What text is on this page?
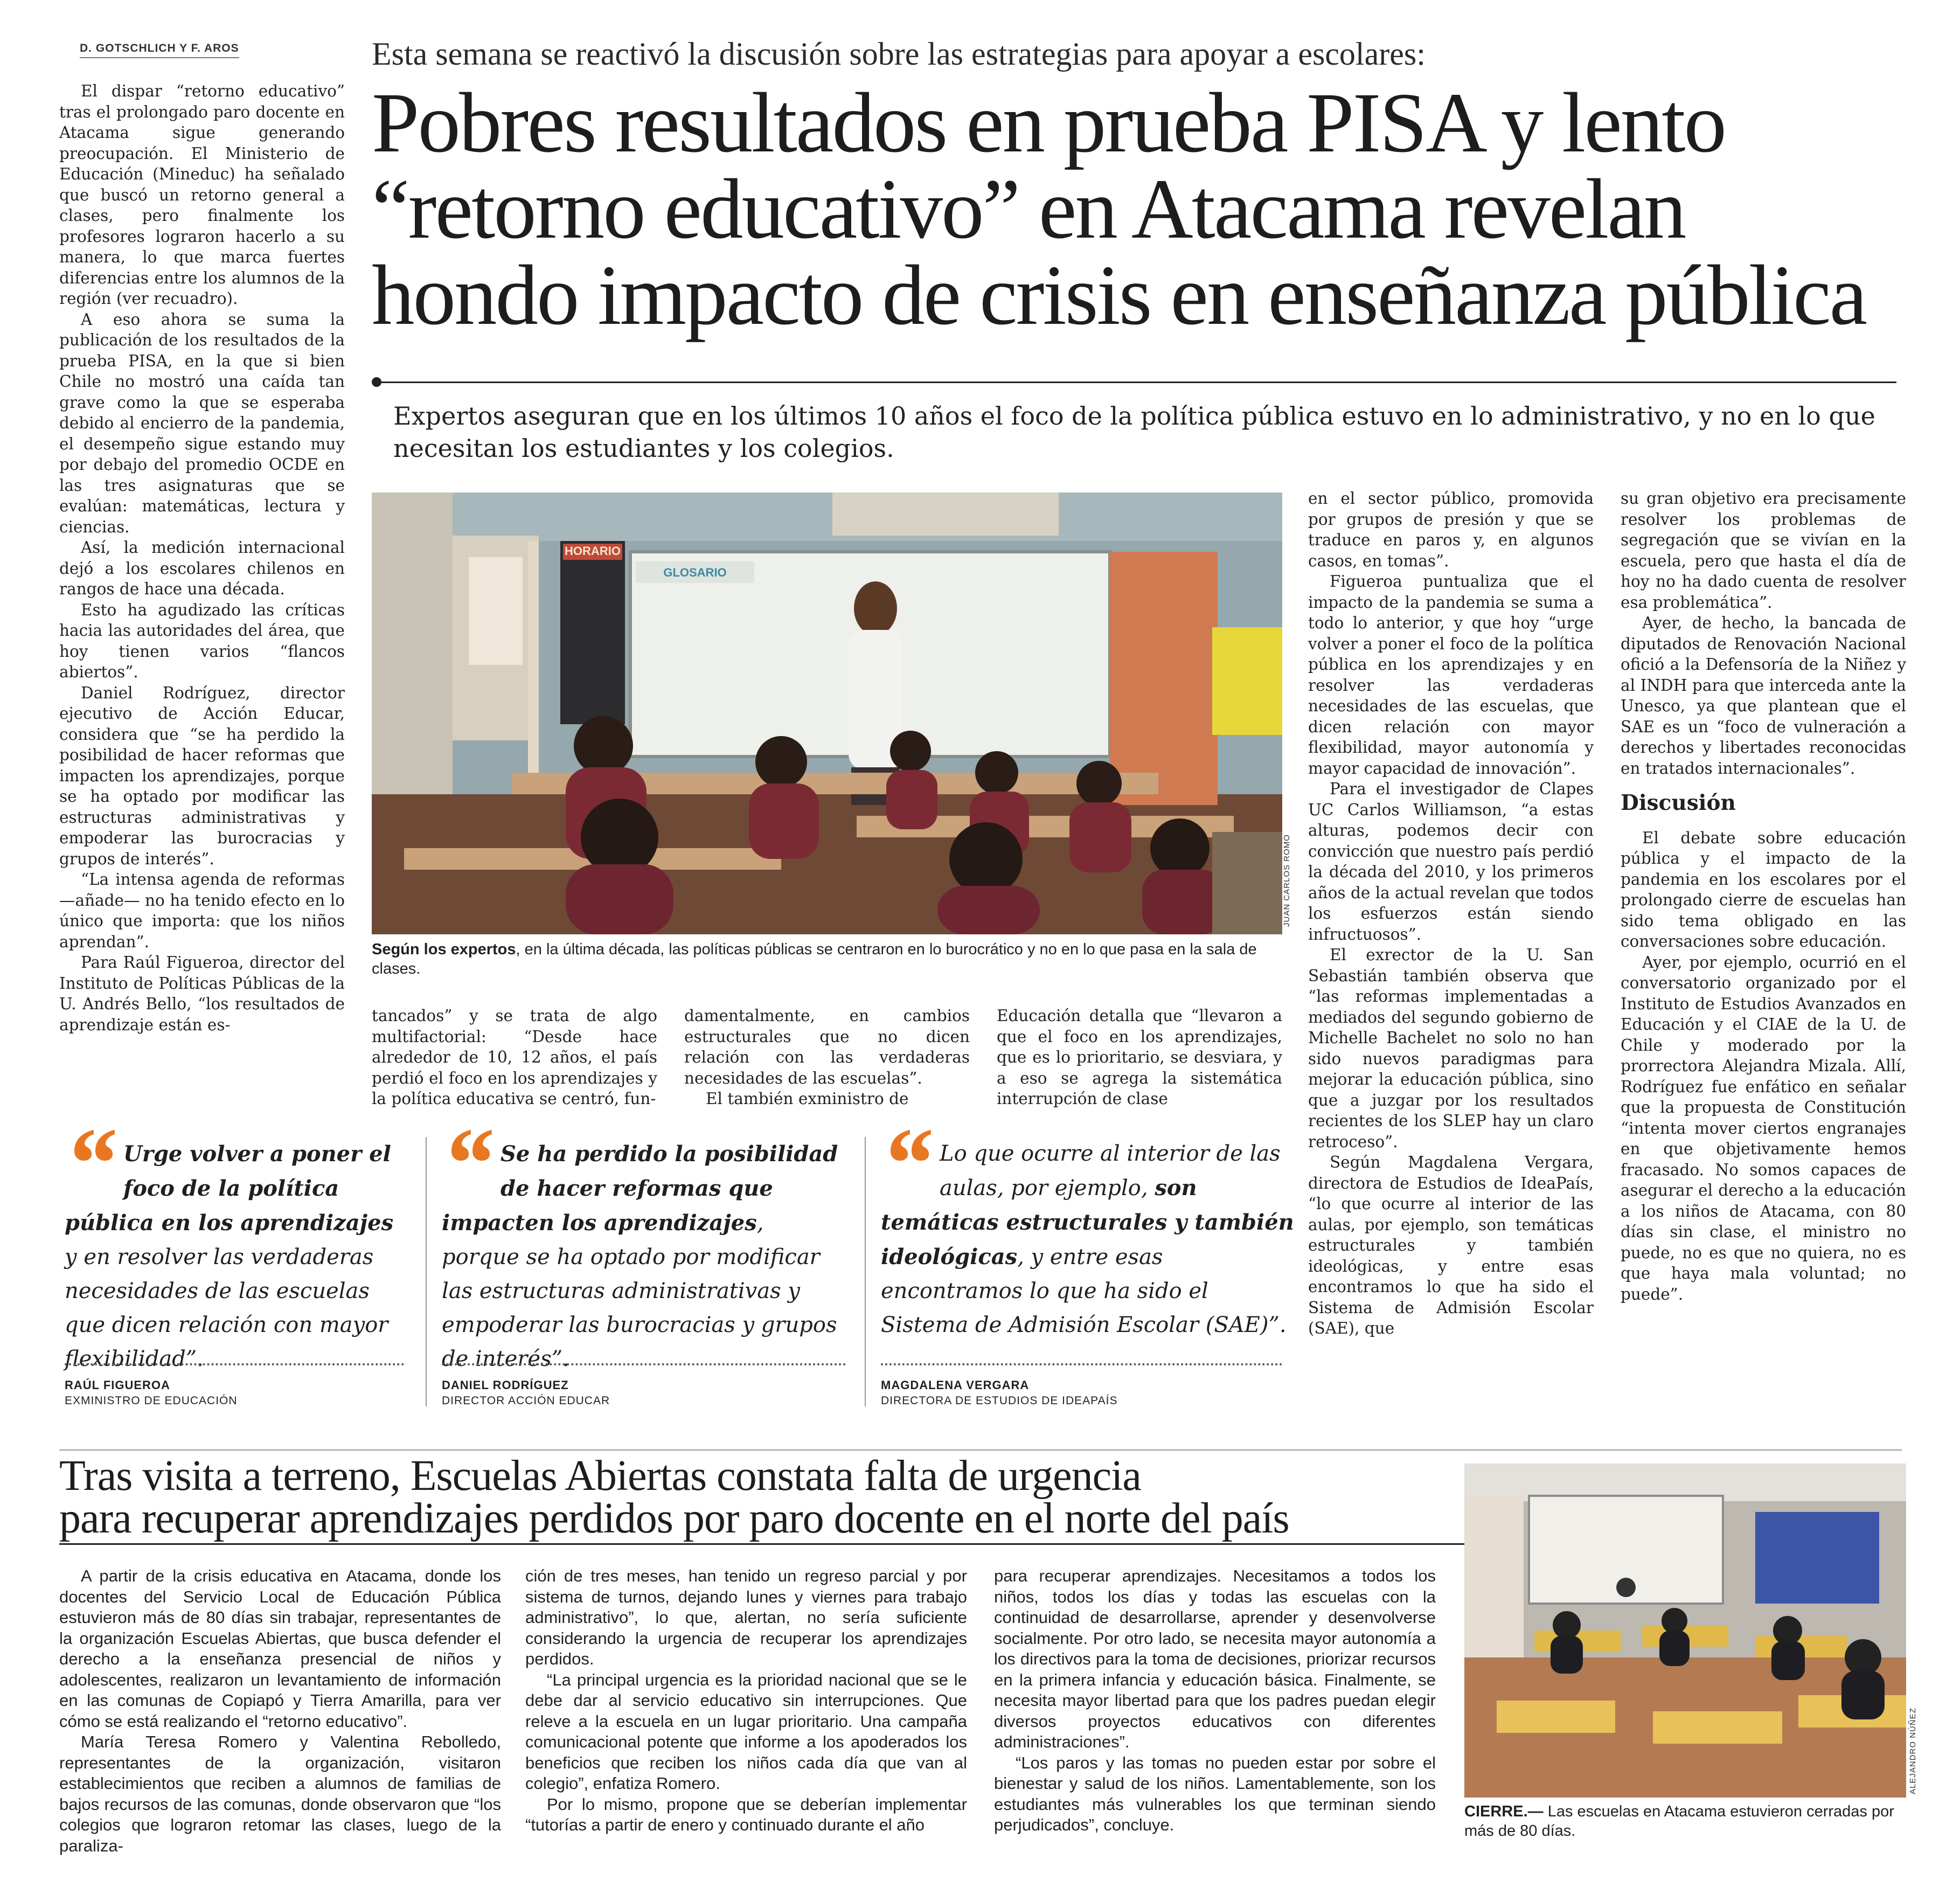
D. GOTSCHLICH Y F. AROS

El dispar “retorno educativo” tras el prolongado paro docente en Atacama sigue generando preocupación. El Ministerio de Educación (Mineduc) ha señalado que buscó un retorno general a clases, pero finalmente los profesores lograron hacerlo a su manera, lo que marca fuertes diferencias entre los alumnos de la región (ver recuadro).

A eso ahora se suma la publicación de los resultados de la prueba PISA, en la que si bien Chile no mostró una caída tan grave como la que se esperaba debido al encierro de la pandemia, el desempeño sigue estando muy por debajo del promedio OCDE en las tres asignaturas que se evalúan: matemáticas, lectura y ciencias.

Así, la medición internacional dejó a los escolares chilenos en rangos de hace una década.

Esto ha agudizado las críticas hacia las autoridades del área, que hoy tienen varios “flancos abiertos”.

Daniel Rodríguez, director ejecutivo de Acción Educar, considera que “se ha perdido la posibilidad de hacer reformas que impacten los aprendizajes, porque se ha optado por modificar las estructuras administrativas y empoderar las burocracias y grupos de interés”.

“La intensa agenda de reformas —añade— no ha tenido efecto en lo único que importa: que los niños aprendan”.

Para Raúl Figueroa, director del Instituto de Políticas Públicas de la U. Andrés Bello, “los resultados de aprendizaje están es-

Esta semana se reactivó la discusión sobre las estrategias para apoyar a escolares:
Pobres resultados en prueba PISA y lento
“retorno educativo” en Atacama revelan
hondo impacto de crisis en enseñanza pública
Expertos aseguran que en los últimos 10 años el foco de la política pública estuvo en lo administrativo, y no en lo que necesitan los estudiantes y los colegios.
HORARIO
GLOSARIO
JUAN CARLOS ROMO
Según los expertos, en la última década, las políticas públicas se centraron en lo burocrático y no en lo que pasa en la sala de clases.

tancados” y se trata de algo multifactorial: “Desde hace alrededor de 10, 12 años, el país perdió el foco en los aprendizajes y la política educativa se centró, fun-

damentalmente, en cambios estructurales que no dicen relación con las verdaderas necesidades de las escuelas”.

El también exministro de

Educación detalla que “llevaron a que el foco en los aprendizajes, que es lo prioritario, se desviara, y a eso se agrega la sistemática interrupción de clase

“ Urge volver a poner el foco de la política pública en los aprendizajes y en resolver las verdaderas necesidades de las escuelas que dicen relación con mayor flexibilidad”.
RAÚL FIGUEROA
EXMINISTRO DE EDUCACIÓN
“ Se ha perdido la posibilidad de hacer reformas que impacten los aprendizajes, porque se ha optado por modificar las estructuras administrativas y empoderar las burocracias y grupos de interés”.
DANIEL RODRÍGUEZ
DIRECTOR ACCIÓN EDUCAR
“ Lo que ocurre al interior de las aulas, por ejemplo, son temáticas estructurales y también ideológicas, y entre esas encontramos lo que ha sido el Sistema de Admisión Escolar (SAE)”.
MAGDALENA VERGARA
DIRECTORA DE ESTUDIOS DE IDEAPAÍS

en el sector público, promovida por grupos de presión y que se traduce en paros y, en algunos casos, en tomas”.

Figueroa puntualiza que el impacto de la pandemia se suma a todo lo anterior, y que hoy “urge volver a poner el foco de la política pública en los aprendizajes y en resolver las verdaderas necesidades de las escuelas, que dicen relación con mayor flexibilidad, mayor autonomía y mayor capacidad de innovación”.

Para el investigador de Clapes UC Carlos Williamson, “a estas alturas, podemos decir con convicción que nuestro país perdió la década del 2010, y los primeros años de la actual revelan que todos los esfuerzos están siendo infructuosos”.

El exrector de la U. San Sebastián también observa que “las reformas implementadas a mediados del segundo gobierno de Michelle Bachelet no solo no han sido nuevos paradigmas para mejorar la educación pública, sino que a juzgar por los resultados recientes de los SLEP hay un claro retroceso”.

Según Magdalena Vergara, directora de Estudios de IdeaPaís, “lo que ocurre al interior de las aulas, por ejemplo, son temáticas estructurales y también ideológicas, y entre esas encontramos lo que ha sido el Sistema de Admisión Escolar (SAE), que

su gran objetivo era precisamente resolver los problemas de segregación que se vivían en la escuela, pero que hasta el día de hoy no ha dado cuenta de resolver esa problemática”.

Ayer, de hecho, la bancada de diputados de Renovación Nacional ofició a la Defensoría de la Niñez y al INDH para que interceda ante la Unesco, ya que plantean que el SAE es un “foco de vulneración a derechos y libertades reconocidas en tratados internacionales”.

Discusión

El debate sobre educación pública y el impacto de la pandemia en los escolares por el prolongado cierre de escuelas han sido tema obligado en las conversaciones sobre educación.

Ayer, por ejemplo, ocurrió en el conversatorio organizado por el Instituto de Estudios Avanzados en Educación y el CIAE de la U. de Chile y moderado por la prorrectora Alejandra Mizala. Allí, Rodríguez fue enfático en señalar que la propuesta de Constitución “intenta mover ciertos engranajes en que objetivamente hemos fracasado. No somos capaces de asegurar el derecho a la educación a los niños de Atacama, con 80 días sin clase, el ministro no puede, no es que no quiera, no es que haya mala voluntad; no puede”.

Tras visita a terreno, Escuelas Abiertas constata falta de urgencia
para recuperar aprendizajes perdidos por paro docente en el norte del país

A partir de la crisis educativa en Atacama, donde los docentes del Servicio Local de Educación Pública estuvieron más de 80 días sin trabajar, representantes de la organización Escuelas Abiertas, que busca defender el derecho a la enseñanza presencial de niños y adolescentes, realizaron un levantamiento de información en las comunas de Copiapó y Tierra Amarilla, para ver cómo se está realizando el “retorno educativo”.

María Teresa Romero y Valentina Rebolledo, representantes de la organización, visitaron establecimientos que reciben a alumnos de familias de bajos recursos de las comunas, donde observaron que “los colegios que lograron retomar las clases, luego de la paraliza-

ción de tres meses, han tenido un regreso parcial y por sistema de turnos, dejando lunes y viernes para trabajo administrativo”, lo que, alertan, no sería suficiente considerando la urgencia de recuperar los aprendizajes perdidos.

“La principal urgencia es la prioridad nacional que se le debe dar al servicio educativo sin interrupciones. Que releve a la escuela en un lugar prioritario. Una campaña comunicacional potente que informe a los apoderados los beneficios que reciben los niños cada día que van al colegio”, enfatiza Romero.

Por lo mismo, propone que se deberían implementar “tutorías a partir de enero y continuado durante el año

para recuperar aprendizajes. Necesitamos a todos los niños, todos los días y todas las escuelas con la continuidad de desarrollarse, aprender y desenvolverse socialmente. Por otro lado, se necesita mayor autonomía a los directivos para la toma de decisiones, priorizar recursos en la primera infancia y educación básica. Finalmente, se necesita mayor libertad para que los padres puedan elegir diversos proyectos educativos con diferentes administraciones”.

“Los paros y las tomas no pueden estar por sobre el bienestar y salud de los niños. Lamentablemente, son los estudiantes más vulnerables los que terminan siendo perjudicados”, concluye.

ALEJANDRO NÚÑEZ
CIERRE.— Las escuelas en Atacama estuvieron cerradas por más de 80 días.
